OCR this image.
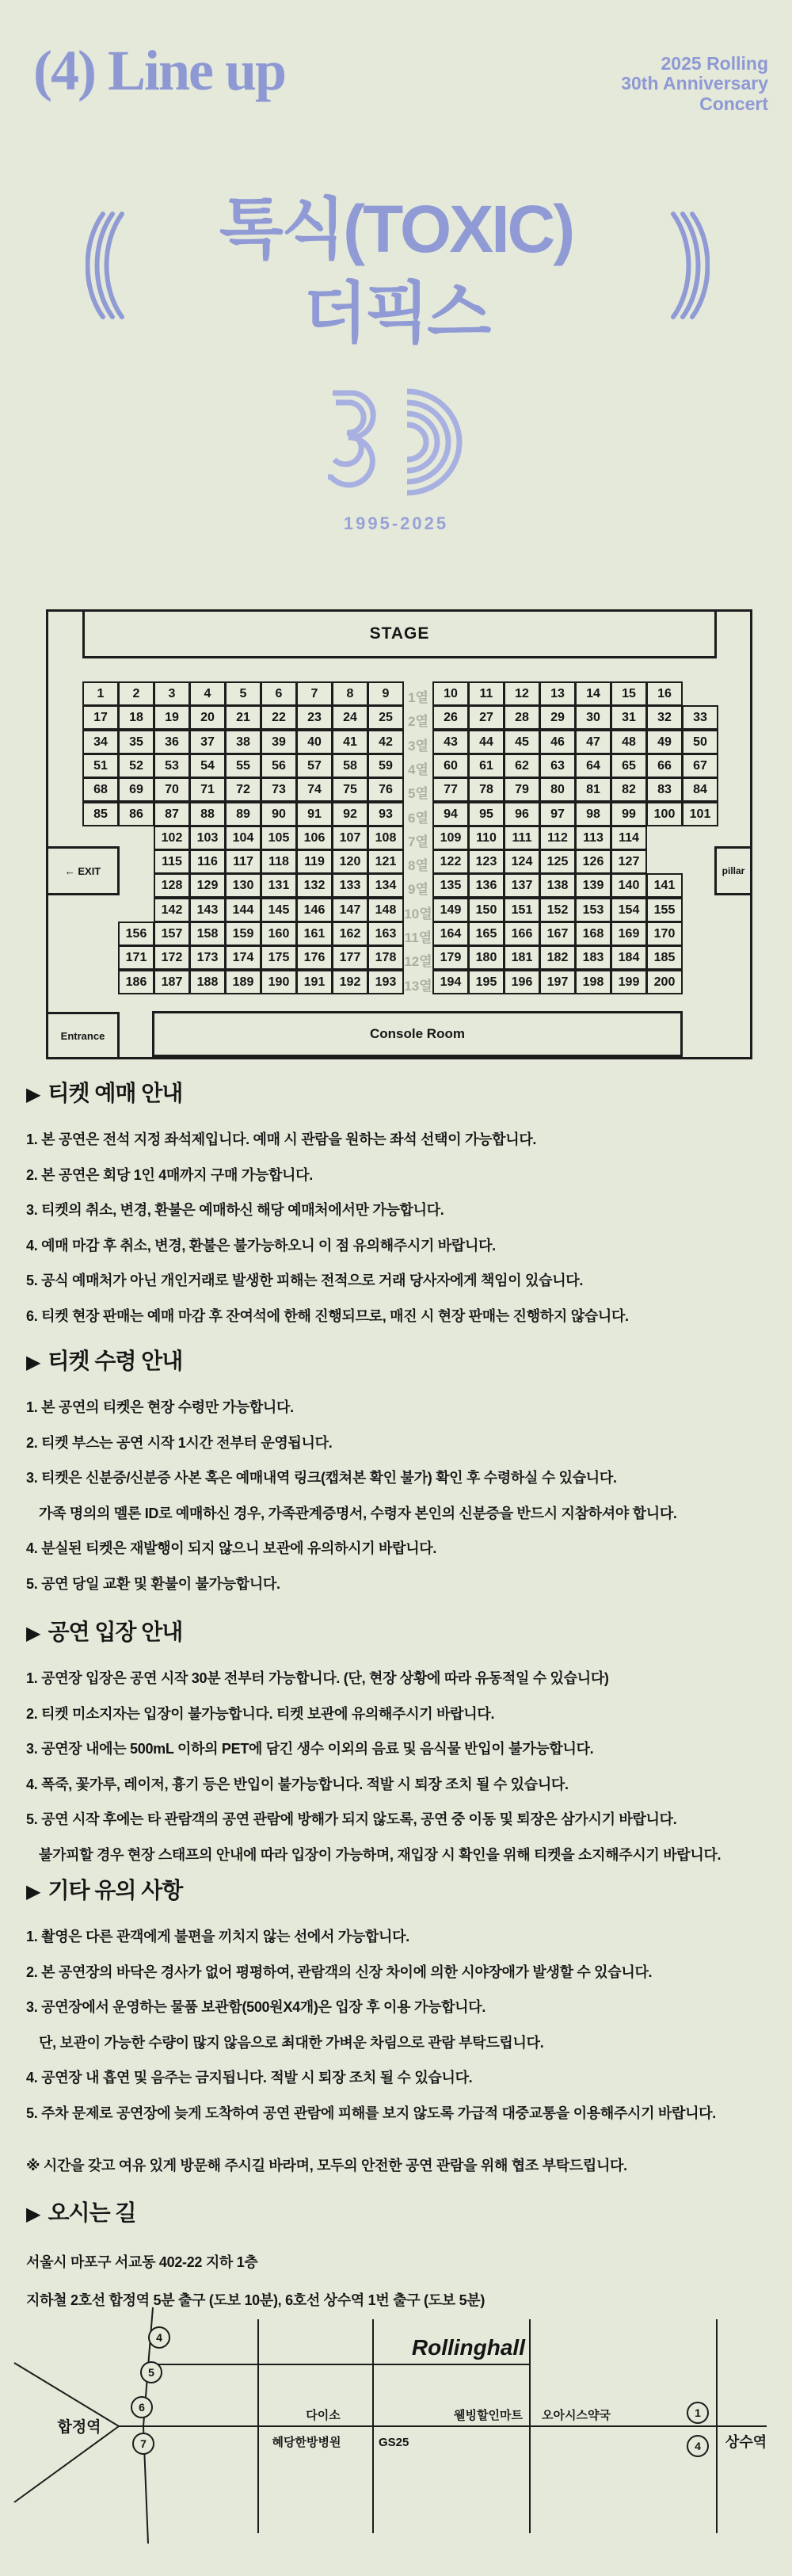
(4) Line up	2025 Rolling
30th Anniversary
Concert
톡식(TOXIC)
더픽스
1995-2025
STAGE
← EXIT	pillar
Entrance	Console Room
1	2	3	4	5	6	7	8	9	10	11	12	13	14	15	16
1열
17	18	19	20	21	22	23	24	25	26	27	28	29	30	31	32	33
2열
34	35	36	37	38	39	40	41	42	43	44	45	46	47	48	49	50
3열
51	52	53	54	55	56	57	58	59	60	61	62	63	64	65	66	67
4열
68	69	70	71	72	73	74	75	76	77	78	79	80	81	82	83	84
5열
85	86	87	88	89	90	91	92	93	94	95	96	97	98	99	100	101
6열
102	103	104	105	106	107	108	109	110	111	112	113	114
7열
115	116	117	118	119	120	121	122	123	124	125	126	127
8열
128	129	130	131	132	133	134	135	136	137	138	139	140	141
9열
142	143	144	145	146	147	148	149	150	151	152	153	154	155
10열
156	157	158	159	160	161	162	163	164	165	166	167	168	169	170
11열
171	172	173	174	175	176	177	178	179	180	181	182	183	184	185
12열
186	187	188	189	190	191	192	193	194	195	196	197	198	199	200
13열
▶ 티켓 예매 안내
1. 본 공연은 전석 지정 좌석제입니다. 예매 시 관람을 원하는 좌석 선택이 가능합니다.
2. 본 공연은 회당 1인 4매까지 구매 가능합니다.
3. 티켓의 취소, 변경, 환불은 예매하신 해당 예매처에서만 가능합니다.
4. 예매 마감 후 취소, 변경, 환불은 불가능하오니 이 점 유의해주시기 바랍니다.
5. 공식 예매처가 아닌 개인거래로 발생한 피해는 전적으로 거래 당사자에게 책임이 있습니다.
6. 티켓 현장 판매는 예매 마감 후 잔여석에 한해 진행되므로, 매진 시 현장 판매는 진행하지 않습니다.
▶ 티켓 수령 안내
1. 본 공연의 티켓은 현장 수령만 가능합니다.
2. 티켓 부스는 공연 시작 1시간 전부터 운영됩니다.
3. 티켓은 신분증/신분증 사본 혹은 예매내역 링크(캡쳐본 확인 불가) 확인 후 수령하실 수 있습니다.
가족 명의의 멜론 ID로 예매하신 경우, 가족관계증명서, 수령자 본인의 신분증을 반드시 지참하셔야 합니다.
4. 분실된 티켓은 재발행이 되지 않으니 보관에 유의하시기 바랍니다.
5. 공연 당일 교환 및 환불이 불가능합니다.
▶ 공연 입장 안내
1. 공연장 입장은 공연 시작 30분 전부터 가능합니다. (단, 현장 상황에 따라 유동적일 수 있습니다)
2. 티켓 미소지자는 입장이 불가능합니다. 티켓 보관에 유의해주시기 바랍니다.
3. 공연장 내에는 500mL 이하의 PET에 담긴 생수 이외의 음료 및 음식물 반입이 불가능합니다.
4. 폭죽, 꽃가루, 레이저, 흉기 등은 반입이 불가능합니다. 적발 시 퇴장 조치 될 수 있습니다.
5. 공연 시작 후에는 타 관람객의 공연 관람에 방해가 되지 않도록, 공연 중 이동 및 퇴장은 삼가시기 바랍니다.
불가피할 경우 현장 스태프의 안내에 따라 입장이 가능하며, 재입장 시 확인을 위해 티켓을 소지해주시기 바랍니다.
▶ 기타 유의 사항
1. 촬영은 다른 관객에게 불편을 끼치지 않는 선에서 가능합니다.
2. 본 공연장의 바닥은 경사가 없어 평평하여, 관람객의 신장 차이에 의한 시야장애가 발생할 수 있습니다.
3. 공연장에서 운영하는 물품 보관함(500원X4개)은 입장 후 이용 가능합니다.
단, 보관이 가능한 수량이 많지 않음으로 최대한 가벼운 차림으로 관람 부탁드립니다.
4. 공연장 내 흡연 및 음주는 금지됩니다. 적발 시 퇴장 조치 될 수 있습니다.
5. 주차 문제로 공연장에 늦게 도착하여 공연 관람에 피해를 보지 않도록 가급적 대중교통을 이용해주시기 바랍니다.
※ 시간을 갖고 여유 있게 방문해 주시길 바라며, 모두의 안전한 공연 관람을 위해 협조 부탁드립니다.
▶ 오시는 길
서울시 마포구 서교동 402-22 지하 1층
지하철 2호선 합정역 5분 출구 (도보 10분), 6호선 상수역 1번 출구 (도보 5분)
4
5
6
7
1
4
합정역
Rollinghall
다이소	웰빙할인마트 오아시스약국
혜당한방병원	GS25	상수역
